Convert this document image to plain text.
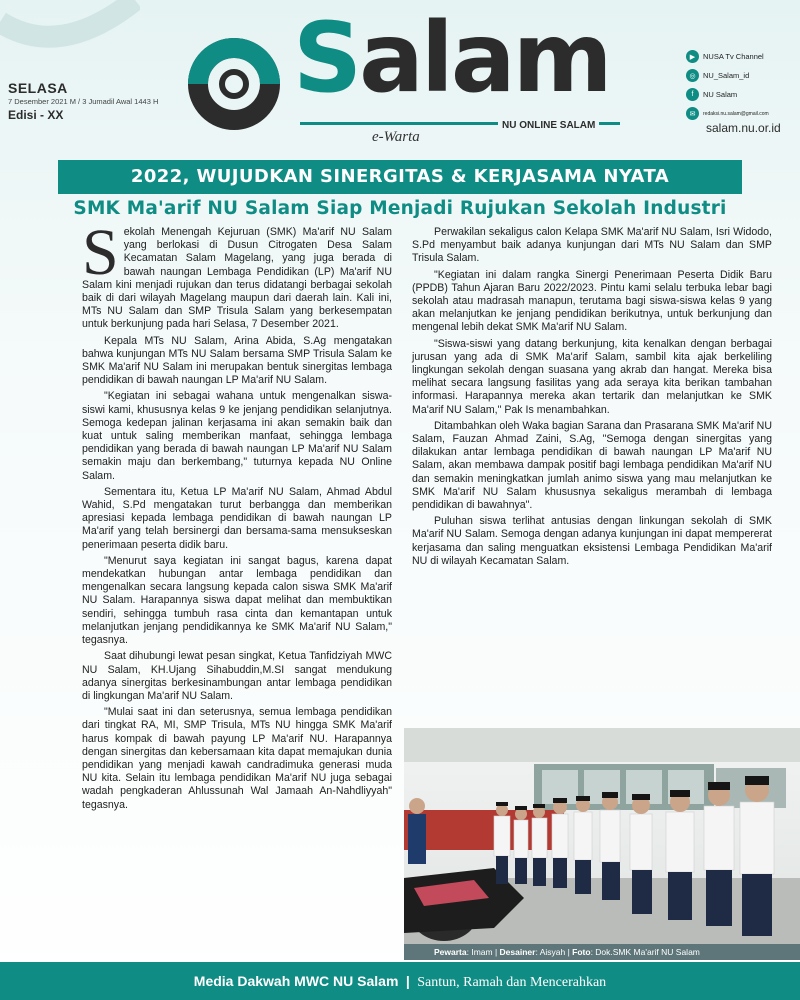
SELASA
7 Desember 2021 M / 3 Jumadil Awal 1443 H
Edisi - XX
Salam
NU ONLINE SALAM
e-Warta
▶	NUSA Tv Channel
◎ NU_Salam_id
f	NU Salam
✉	redaksi.nu.salam@gmail.com
salam.nu.or.id
2022, WUJUDKAN SINERGITAS & KERJASAMA NYATA
SMK Ma'arif NU Salam Siap Menjadi Rujukan Sekolah Industri

Sekolah Menengah Kejuruan (SMK) Ma'arif NU Salam yang berlokasi di Dusun Citrogaten Desa Salam Kecamatan Salam Magelang, yang juga berada di bawah naungan Lembaga Pendidikan (LP) Ma'arif NU Salam kini menjadi rujukan dan terus didatangi berbagai sekolah baik di dari wilayah Magelang maupun dari daerah lain. Kali ini, MTs NU Salam dan SMP Trisula Salam yang berkesempatan untuk berkunjung pada hari Selasa, 7 Desember 2021.

Kepala MTs NU Salam, Arina Abida, S.Ag mengatakan bahwa kunjungan MTs NU Salam bersama SMP Trisula Salam ke SMK Ma'arif NU Salam ini merupakan bentuk sinergitas lembaga pendidikan di bawah naungan LP Ma'arif NU Salam.

"Kegiatan ini sebagai wahana untuk mengenalkan siswa-siswi kami, khususnya kelas 9 ke jenjang pendidikan selanjutnya. Semoga kedepan jalinan kerjasama ini akan semakin baik dan kuat untuk saling memberikan manfaat, sehingga lembaga pendidikan yang berada di bawah naungan LP Ma'arif NU Salam semakin maju dan berkembang," tuturnya kepada NU Online Salam.

Sementara itu, Ketua LP Ma'arif NU Salam, Ahmad Abdul Wahid, S.Pd mengatakan turut berbangga dan memberikan apresiasi kepada lembaga pendidikan di bawah naungan LP Ma'arif yang telah bersinergi dan bersama-sama mensukseskan penerimaan peserta didik baru.

"Menurut saya kegiatan ini sangat bagus, karena dapat mendekatkan hubungan antar lembaga pendidikan dan mengenalkan secara langsung kepada calon siswa SMK Ma'arif NU Salam. Harapannya siswa dapat melihat dan membuktikan sendiri, sehingga tumbuh rasa cinta dan kemantapan untuk melanjutkan jenjang pendidikannya ke SMK Ma'arif NU Salam," tegasnya.

Saat dihubungi lewat pesan singkat, Ketua Tanfidziyah MWC NU Salam, KH.Ujang Sihabuddin,M.SI sangat mendukung adanya sinergitas berkesinambungan antar lembaga pendidikan di lingkungan Ma'arif NU Salam.

"Mulai saat ini dan seterusnya, semua lembaga pendidikan dari tingkat RA, MI, SMP Trisula, MTs NU hingga SMK Ma'arif harus kompak di bawah payung LP Ma'arif NU. Harapannya dengan sinergitas dan kebersamaan kita dapat memajukan dunia pendidikan yang menjadi kawah candradimuka generasi muda NU kita. Selain itu lembaga pendidikan Ma'arif NU juga sebagai wadah pengkaderan Ahlussunah Wal Jamaah An-Nahdliyyah" tegasnya.

Perwakilan sekaligus calon Kelapa SMK Ma'arif NU Salam, Isri Widodo, S.Pd menyambut baik adanya kunjungan dari MTs NU Salam dan SMP Trisula Salam.

"Kegiatan ini dalam rangka Sinergi Penerimaan Peserta Didik Baru (PPDB) Tahun Ajaran Baru 2022/2023. Pintu kami selalu terbuka lebar bagi sekolah atau madrasah manapun, terutama bagi siswa-siswa kelas 9 yang akan melanjutkan ke jenjang pendidikan berikutnya, untuk berkunjung dan mengenal lebih dekat SMK Ma'arif NU Salam.

"Siswa-siswi yang datang berkunjung, kita kenalkan dengan berbagai jurusan yang ada di SMK Ma'arif Salam, sambil kita ajak berkeliling lingkungan sekolah dengan suasana yang akrab dan hangat. Mereka bisa melihat secara langsung fasilitas yang ada seraya kita berikan tambahan informasi. Harapannya mereka akan tertarik dan melanjutkan ke SMK Ma'arif NU Salam," Pak Is menambahkan.

Ditambahkan oleh Waka bagian Sarana dan Prasarana SMK Ma'arif NU Salam, Fauzan Ahmad Zaini, S.Ag, "Semoga dengan sinergitas yang dilakukan antar lembaga pendidikan di bawah naungan LP Ma'arif NU Salam, akan membawa dampak positif bagi lembaga pendidikan Ma'arif NU dan semakin meningkatkan jumlah animo siswa yang mau melanjutkan ke SMK Ma'arif NU Salam khususnya sekaligus merambah di lembaga pendidikan di bawahnya".

Puluhan siswa terlihat antusias dengan linkungan sekolah di SMK Ma'arif NU Salam. Semoga dengan adanya kunjungan ini dapat mempererat kerjasama dan saling menguatkan eksistensi Lembaga Pendidikan Ma'arif NU di wilayah Kecamatan Salam.

Pewarta: Imam | Desainer: Aisyah | Foto: Dok.SMK Ma'arif NU Salam
Media Dakwah MWC NU Salam | Santun, Ramah dan Mencerahkan
